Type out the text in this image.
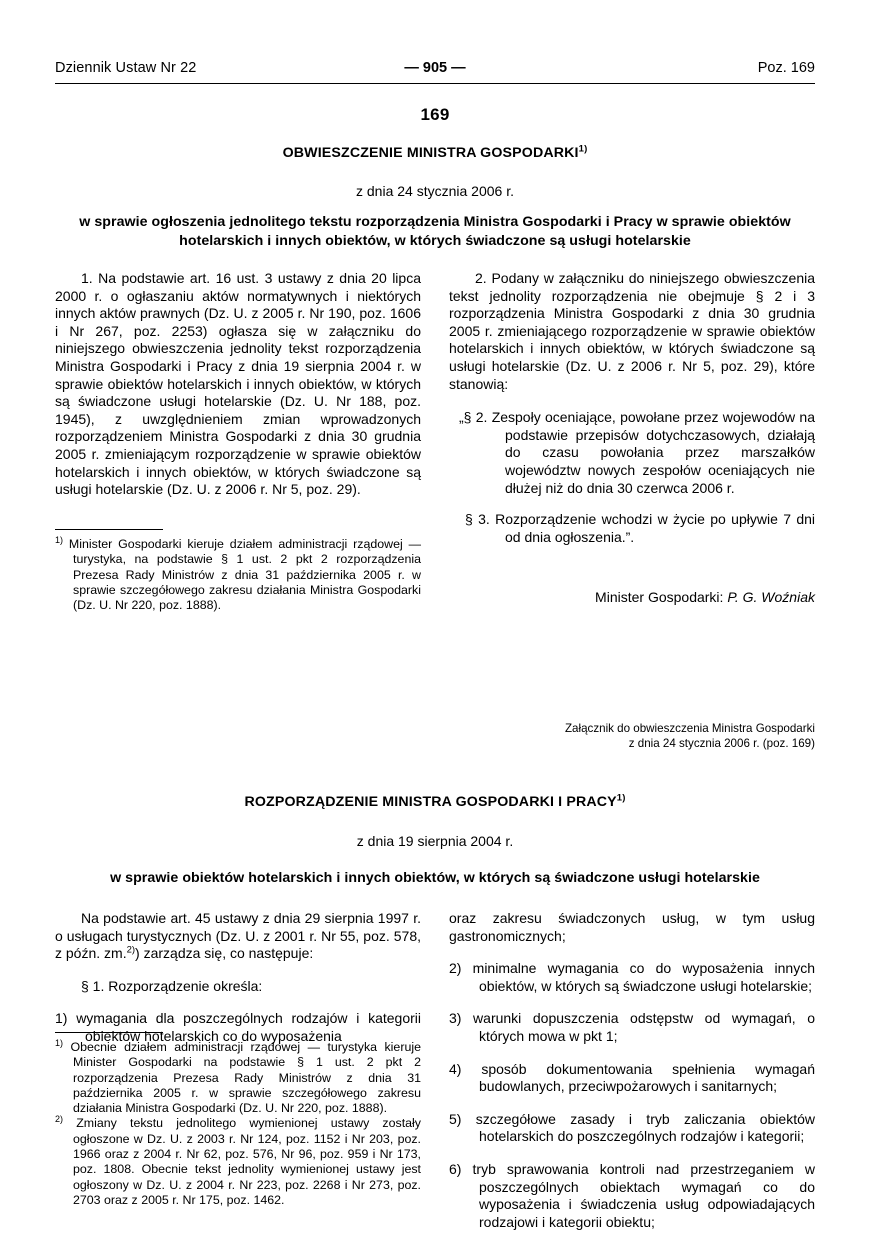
Dziennik Ustaw Nr 22	— 905 —	Poz. 169
169
OBWIESZCZENIE MINISTRA GOSPODARKI$^{1)}$
z dnia 24 stycznia 2006 r.
w sprawie ogłoszenia jednolitego tekstu rozporządzenia Ministra Gospodarki i Pracy w sprawie obiektów
hotelarskich i innych obiektów, w których świadczone są usługi hotelarskie

1. Na podstawie art. 16 ust. 3 ustawy z dnia 20 lipca 2000 r. o ogłaszaniu aktów normatywnych i niektórych innych aktów prawnych (Dz. U. z 2005 r. Nr 190, poz. 1606 i Nr 267, poz. 2253) ogłasza się w załączniku do niniejszego obwieszczenia jednolity tekst rozporządzenia Ministra Gospodarki i Pracy z dnia 19 sierpnia 2004 r. w sprawie obiektów hotelarskich i innych obiektów, w których są świadczone usługi hotelarskie (Dz. U. Nr 188, poz. 1945), z uwzględnieniem zmian wprowadzonych rozporządzeniem Ministra Gospodarki z dnia 30 grudnia 2005 r. zmieniającym rozporządzenie w sprawie obiektów hotelarskich i innych obiektów, w których świadczone są usługi hotelarskie (Dz. U. z 2006 r. Nr 5, poz. 29).

2. Podany w załączniku do niniejszego obwieszczenia tekst jednolity rozporządzenia nie obejmuje § 2 i 3 rozporządzenia Ministra Gospodarki z dnia 30 grudnia 2005 r. zmieniającego rozporządzenie w sprawie obiektów hotelarskich i innych obiektów, w których świadczone są usługi hotelarskie (Dz. U. z 2006 r. Nr 5, poz. 29), które stanowią:

„§ 2. Zespoły oceniające, powołane przez wojewodów na podstawie przepisów dotychczasowych, działają do czasu powołania przez marszałków województw nowych zespołów oceniających nie dłużej niż do dnia 30 czerwca 2006 r.
§ 3. Rozporządzenie wchodzi w życie po upływie 7 dni od dnia ogłoszenia.”.
$^{1)}$ Minister Gospodarki kieruje działem administracji rządowej — turystyka, na podstawie § 1 ust. 2 pkt 2 rozporządzenia Prezesa Rady Ministrów z dnia 31 października 2005 r. w sprawie szczegółowego zakresu działania Ministra Gospodarki (Dz. U. Nr 220, poz. 1888).
Minister Gospodarki: P. G. Woźniak
Załącznik do obwieszczenia Ministra Gospodarki
z dnia 24 stycznia 2006 r. (poz. 169)
ROZPORZĄDZENIE MINISTRA GOSPODARKI I PRACY$^{1)}$
z dnia 19 sierpnia 2004 r.
w sprawie obiektów hotelarskich i innych obiektów, w których są świadczone usługi hotelarskie

Na podstawie art. 45 ustawy z dnia 29 sierpnia 1997 r. o usługach turystycznych (Dz. U. z 2001 r. Nr 55, poz. 578, z późn. zm.$^{2)}$) zarządza się, co następuje:

§ 1. Rozporządzenie określa:

1) wymagania dla poszczególnych rodzajów i kategorii obiektów hotelarskich co do wyposażenia
oraz zakresu świadczonych usług, w tym usług gastronomicznych;
2) minimalne wymagania co do wyposażenia innych obiektów, w których są świadczone usługi hotelarskie;
3) warunki dopuszczenia odstępstw od wymagań, o których mowa w pkt 1;
4) sposób dokumentowania spełnienia wymagań budowlanych, przeciwpożarowych i sanitarnych;
5) szczegółowe zasady i tryb zaliczania obiektów hotelarskich do poszczególnych rodzajów i kategorii;
6) tryb sprawowania kontroli nad przestrzeganiem w poszczególnych obiektach wymagań co do wyposażenia i świadczenia usług odpowiadających rodzajowi i kategorii obiektu;
$^{1)}$ Obecnie działem administracji rządowej — turystyka kieruje Minister Gospodarki na podstawie § 1 ust. 2 pkt 2 rozporządzenia Prezesa Rady Ministrów z dnia 31 października 2005 r. w sprawie szczegółowego zakresu działania Ministra Gospodarki (Dz. U. Nr 220, poz. 1888).
$^{2)}$ Zmiany tekstu jednolitego wymienionej ustawy zostały ogłoszone w Dz. U. z 2003 r. Nr 124, poz. 1152 i Nr 203, poz. 1966 oraz z 2004 r. Nr 62, poz. 576, Nr 96, poz. 959 i Nr 173, poz. 1808. Obecnie tekst jednolity wymienionej ustawy jest ogłoszony w Dz. U. z 2004 r. Nr 223, poz. 2268 i Nr 273, poz. 2703 oraz z 2005 r. Nr 175, poz. 1462.
